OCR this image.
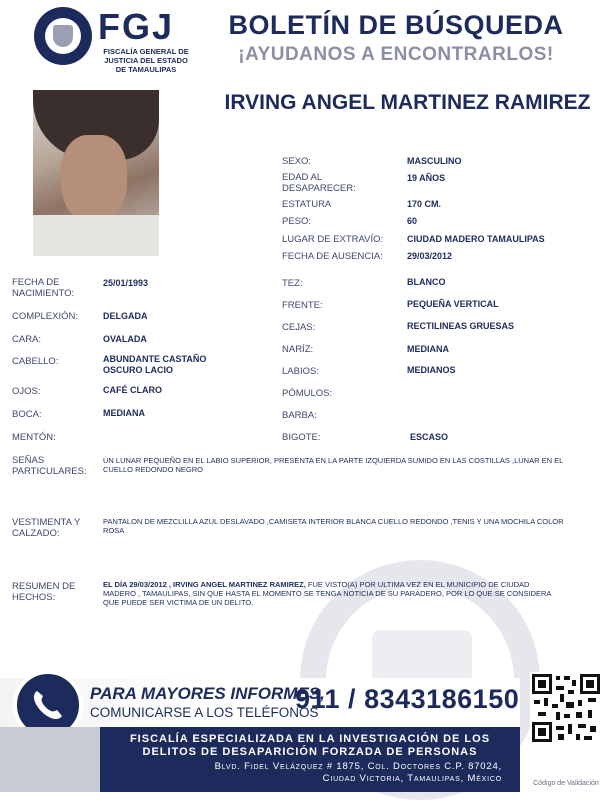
FGJ
FISCALÍA GENERAL DE JUSTICIA DEL ESTADO DE TAMAULIPAS
BOLETÍN DE BÚSQUEDA
¡AYUDANOS A ENCONTRARLOS!
IRVING ANGEL MARTINEZ RAMIREZ
SEXO:	MASCULINO
EDAD AL DESAPARECER:
19 AÑOS
ESTATURA	170 CM.
PESO:	60
LUGAR DE EXTRAVÍO:	CIUDAD MADERO TAMAULIPAS
FECHA DE AUSENCIA:	29/03/2012
FECHA DE NACIMIENTO:
25/01/1993
COMPLEXIÓN:	DELGADA
CARA:	OVALADA
CABELLO:	ABUNDANTE CASTAÑO OSCURO LACIO
OJOS:	CAFÉ CLARO
BOCA:	MEDIANA
MENTÓN:
TEZ:	BLANCO
FRENTE:	PEQUEÑA VERTICAL
CEJAS:	RECTILINEAS GRUESAS
NARÍZ:	MEDIANA
LABIOS:	MEDIANOS
PÓMULOS:
BARBA:
BIGOTE:	ESCASO
SEÑAS PARTICULARES:
UN LUNAR PEQUEÑO EN EL LABIO SUPERIOR, PRESENTA EN LA PARTE IZQUIERDA SUMIDO EN LAS COSTILLAS ,LUNAR EN EL CUELLO REDONDO NEGRO
VESTIMENTA Y CALZADO:
PANTALON DE MEZCLILLA AZUL DESLAVADO ,CAMISETA INTERIOR BLANCA CUELLO REDONDO ,TENIS Y UNA MOCHILA COLOR ROSA
RESUMEN DE HECHOS:
EL DÍA 29/03/2012 , IRVING ANGEL MARTINEZ RAMIREZ, FUE VISTO(A) POR ULTIMA VEZ EN EL MUNICIPIO DE CIUDAD MADERO , TAMAULIPAS, SIN QUE HASTA EL MOMENTO SE TENGA NOTICIA DE SU PARADERO, POR LO QUE SE CONSIDERA QUE PUEDE SER VICTIMA DE UN DELITO.
PARA MAYORES INFORMES,
COMUNICARSE A LOS TELÉFONOS
911 / 8343186150
FISCALÍA ESPECIALIZADA EN LA INVESTIGACIÓN DE LOS DELITOS DE DESAPARICIÓN FORZADA DE PERSONAS
Blvd. Fidel Velázquez # 1875, Col. Doctores C.P. 87024,
Ciudad Victoria, Tamaulipas, México	Código de Validación
